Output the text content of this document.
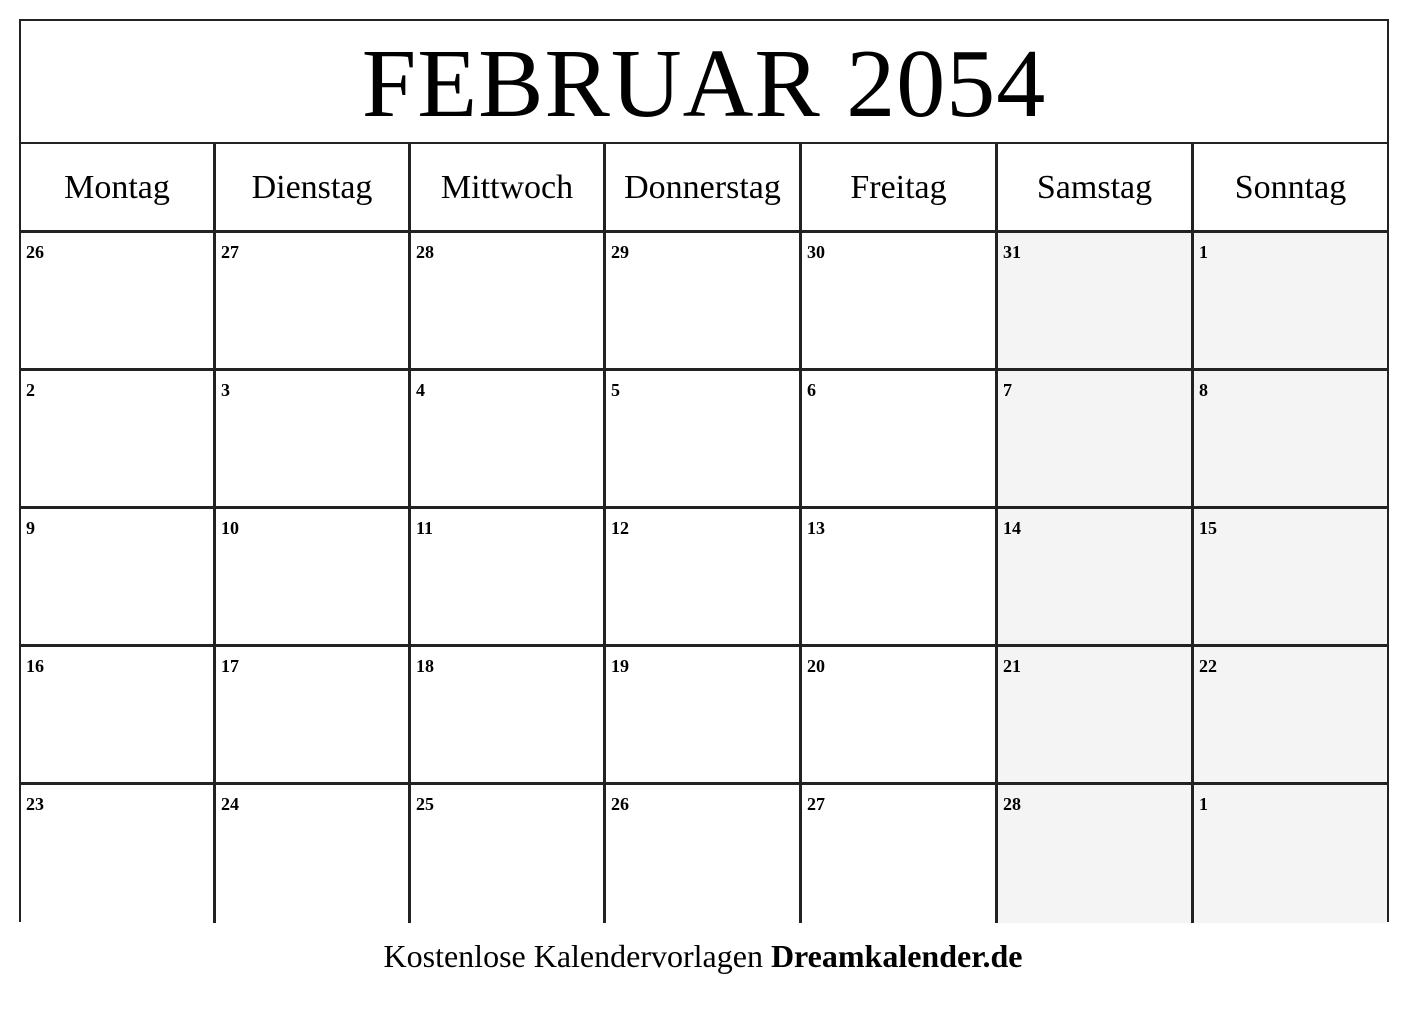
FEBRUAR 2054
Montag	Dienstag	Mittwoch	Donnerstag	Freitag	Samstag	Sonntag
26	27	28	29	30	31	1
2	3	4	5	6	7	8
9	10	11	12	13	14	15
16	17	18	19	20	21	22
23	24	25	26	27	28	1
Kostenlose Kalendervorlagen Dreamkalender.de
